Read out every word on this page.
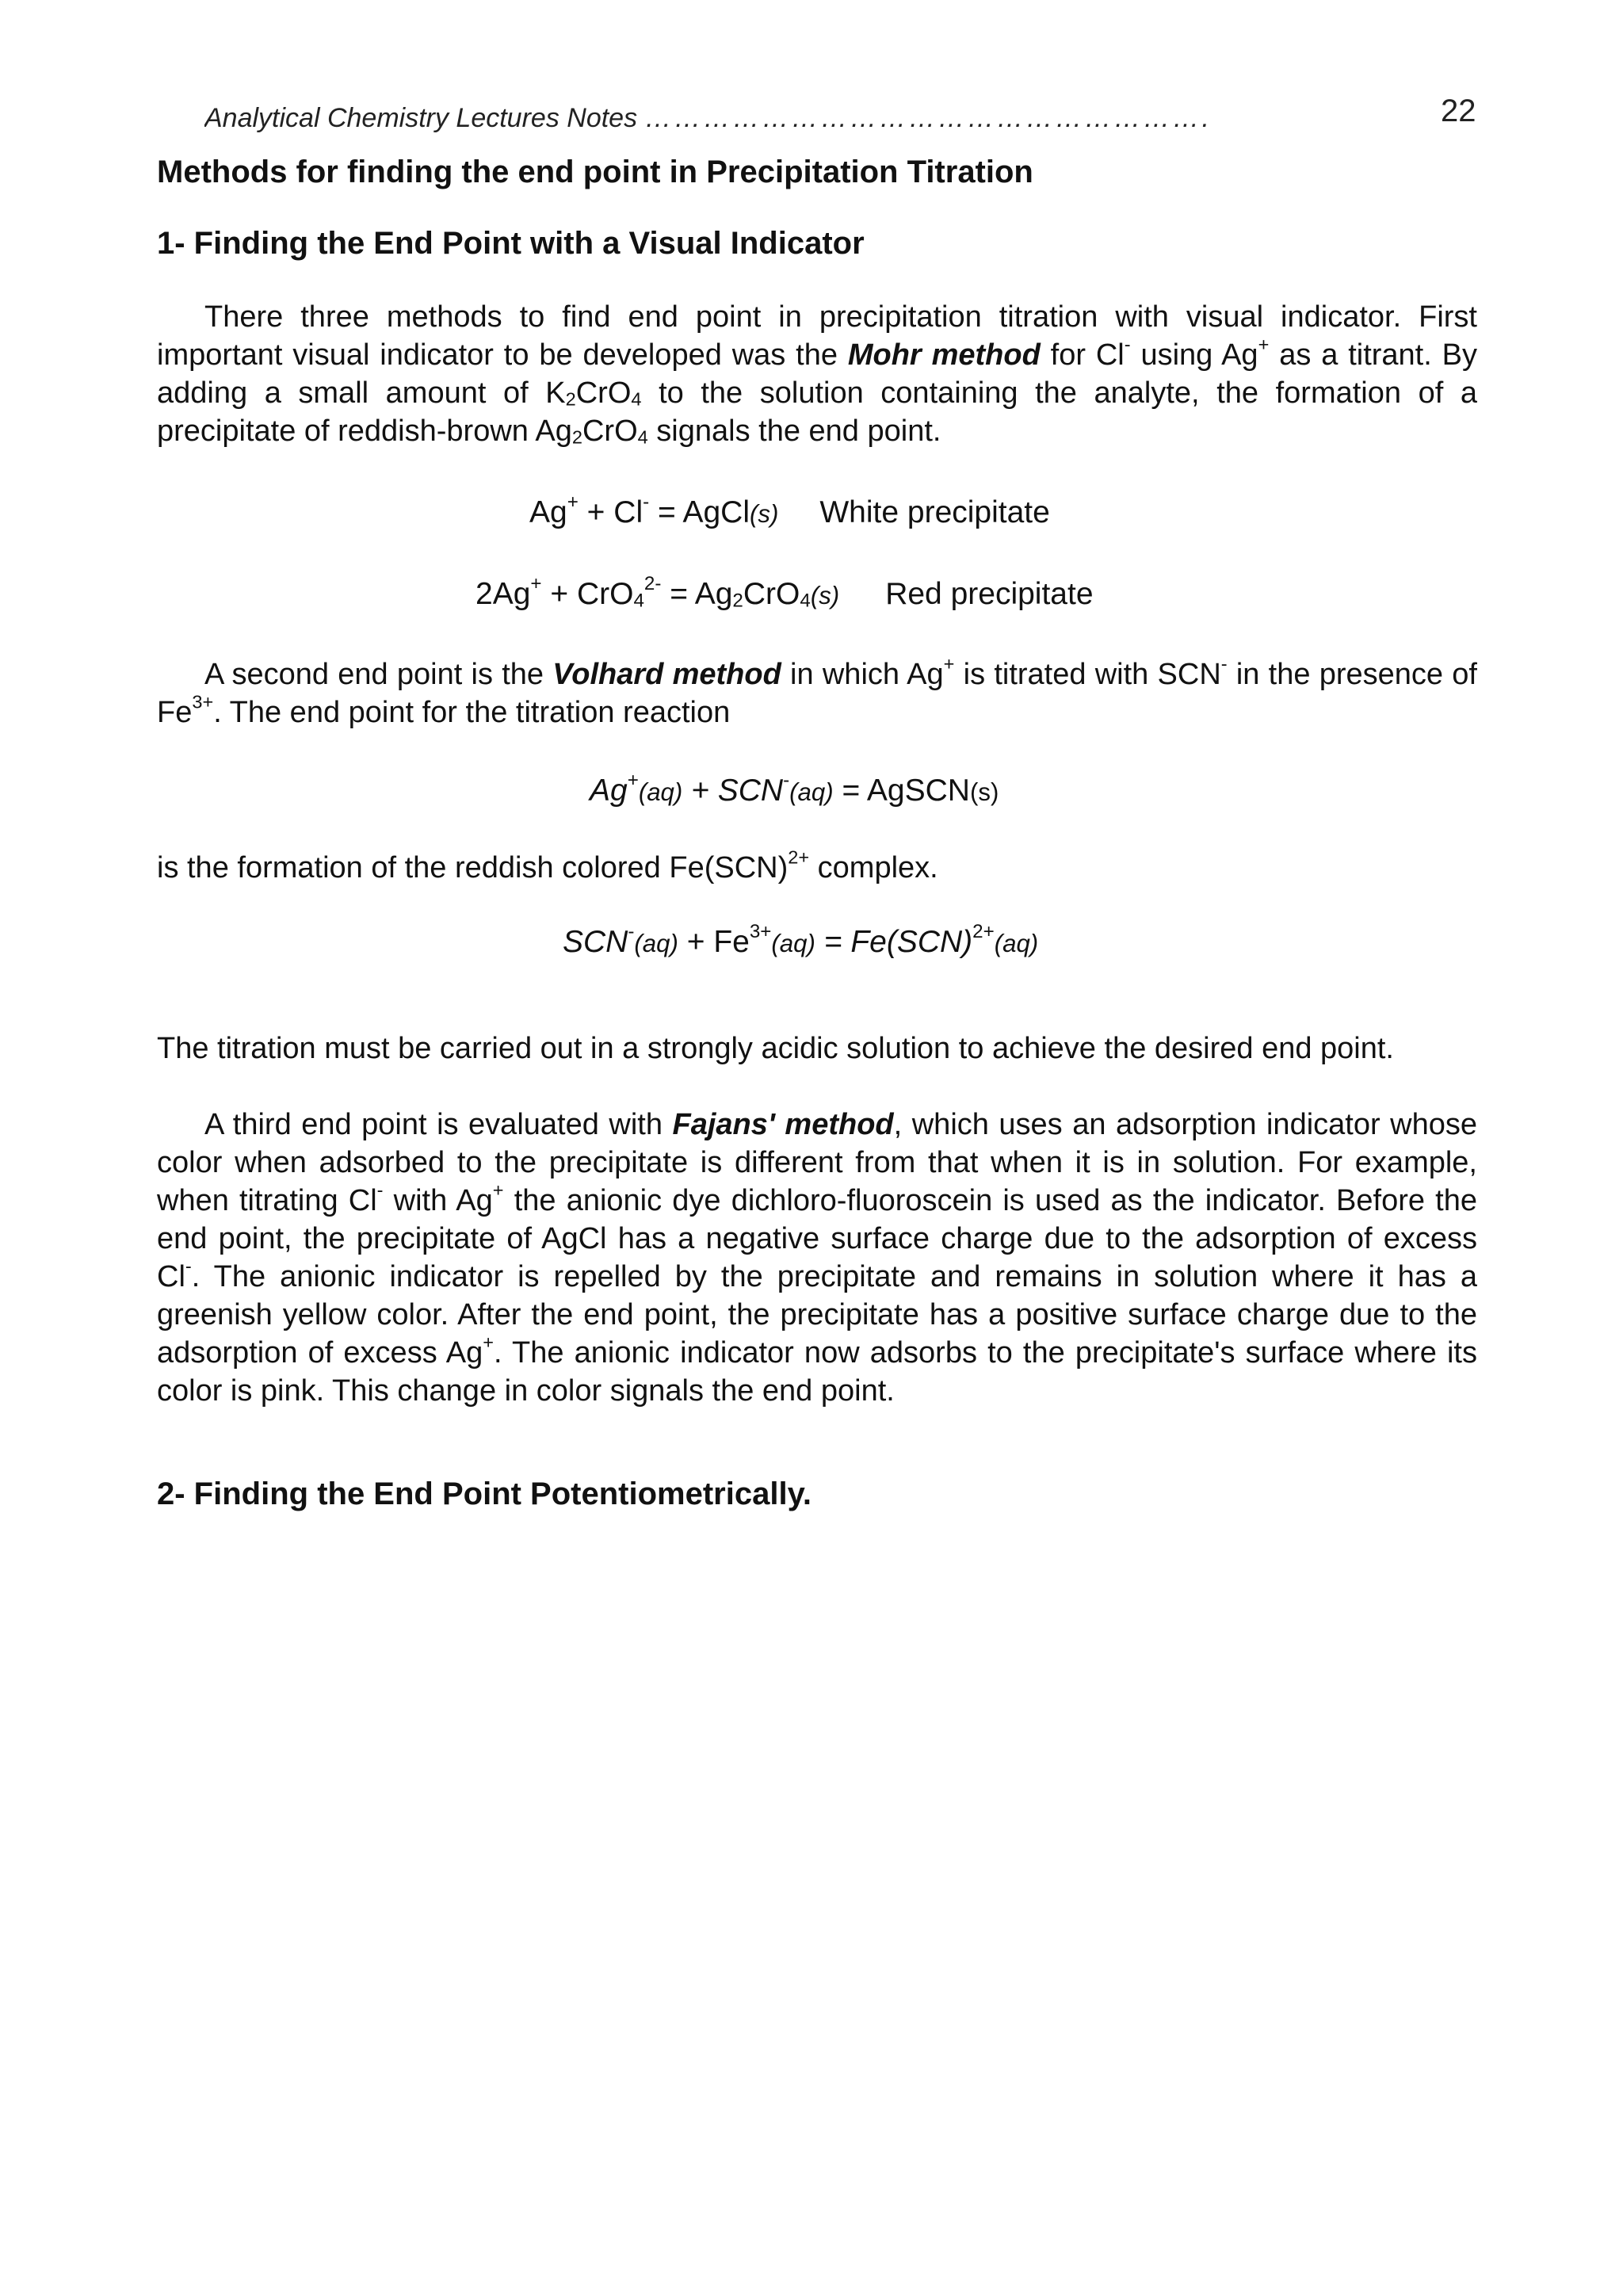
Analytical Chemistry Lectures Notes ………………………………………………….	22
Methods for finding the end point in Precipitation Titration
1- Finding the End Point with a Visual Indicator

There three methods to find end point in precipitation titration with visual indicator. First important visual indicator to be developed was the Mohr method for Cl- using Ag+ as a titrant. By adding a small amount of $K_2CrO_4$ to the solution containing the analyte, the formation of a precipitate of reddish-brown $Ag_2CrO_4$ signals the end point.

Ag+ + Cl- = AgCl(s) White precipitate
$2Ag^+ + CrO_4^{2-} = Ag_2CrO_4(s)$ Red precipitate

A second end point is the Volhard method in which Ag+ is titrated with SCN- in the presence of $Fe^{3+}$. The end point for the titration reaction

Ag+(aq) + SCN-(aq) = AgSCN(s)

is the formation of the reddish colored Fe(SCN)$^{2+}$ complex.

$SCN^-(aq) + Fe^{3+}(aq) = Fe(SCN)^{2+}(aq)$

The titration must be carried out in a strongly acidic solution to achieve the desired end point.

A third end point is evaluated with Fajans' method, which uses an adsorption indicator whose color when adsorbed to the precipitate is different from that when it is in solution. For example, when titrating Cl- with Ag+ the anionic dye dichloro-fluoroscein is used as the indicator. Before the end point, the precipitate of AgCl has a negative surface charge due to the adsorption of excess Cl-. The anionic indicator is repelled by the precipitate and remains in solution where it has a greenish yellow color. After the end point, the precipitate has a positive surface charge due to the adsorption of excess Ag+. The anionic indicator now adsorbs to the precipitate's surface where its color is pink. This change in color signals the end point.

2- Finding the End Point Potentiometrically.
